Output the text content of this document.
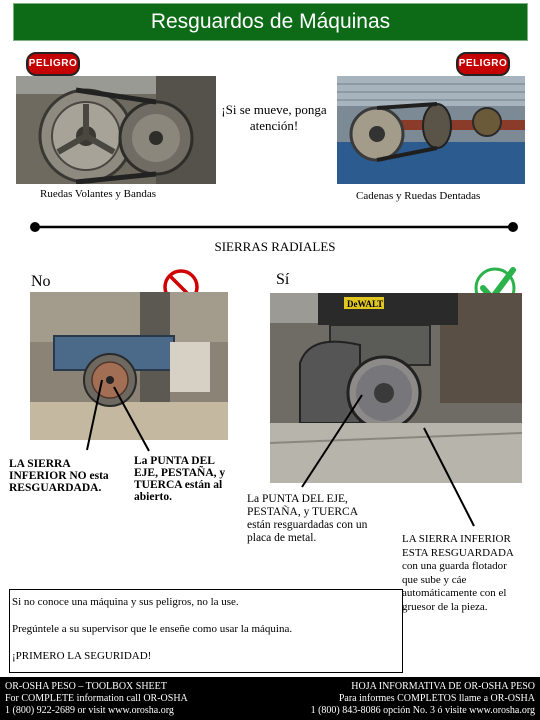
Resguardos de Máquinas
PELIGRO	PELIGRO
¡Si se mueve, ponga atención!
Ruedas Volantes y Bandas	Cadenas y Ruedas Dentadas
SIERRAS RADIALES
No
LA SIERRA INFERIOR NO esta RESGUARDADA.
La PUNTA DEL EJE, PESTAÑA, y TUERCA están al abierto.
Sí
DeWALT
La PUNTA DEL EJE, PESTAÑA, y TUERCA están resguardadas con un placa de metal.
Si no conoce una máquina y sus peligros, no la use.
Pregúntele a su supervisor que le enseñe como usar la máquina.
¡PRIMERO LA SEGURIDAD!
LA SIERRA INFERIOR ESTA RESGUARDADA con una guarda flotador que sube y cáe automáticamente con el gruesor de la pieza.
OR-OSHA PESO – TOOLBOX SHEET
For COMPLETE information call OR-OSHA
1 (800) 922-2689 or visit www.orosha.org
HOJA INFORMATIVA DE OR-OSHA PESO
Para informes COMPLETOS llame a OR-OSHA
1 (800) 843-8086 opción No. 3 ó visite www.orosha.org
